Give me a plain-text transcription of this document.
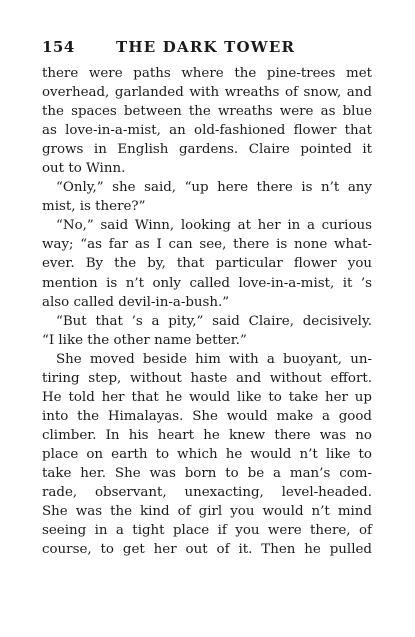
154	THE DARK TOWER
there were paths where the pine-trees met
overhead, garlanded with wreaths of snow, and
the spaces between the wreaths were as blue
as love-in-a-mist, an old-fashioned flower that
grows in English gardens. Claire pointed it
out to Winn.
“Only,” she said, “up here there is n’t any
mist, is there?”
“No,” said Winn, looking at her in a curious
way; “as far as I can see, there is none what-
ever. By the by, that particular flower you
mention is n’t only called love-in-a-mist, it ’s
also called devil-in-a-bush.”
“But that ’s a pity,” said Claire, decisively.
“I like the other name better.”
She moved beside him with a buoyant, un-
tiring step, without haste and without effort.
He told her that he would like to take her up
into the Himalayas. She would make a good
climber. In his heart he knew there was no
place on earth to which he would n’t like to
take her. She was born to be a man’s com-
rade, observant, unexacting, level-headed.
She was the kind of girl you would n’t mind
seeing in a tight place if you were there, of
course, to get her out of it. Then he pulled
